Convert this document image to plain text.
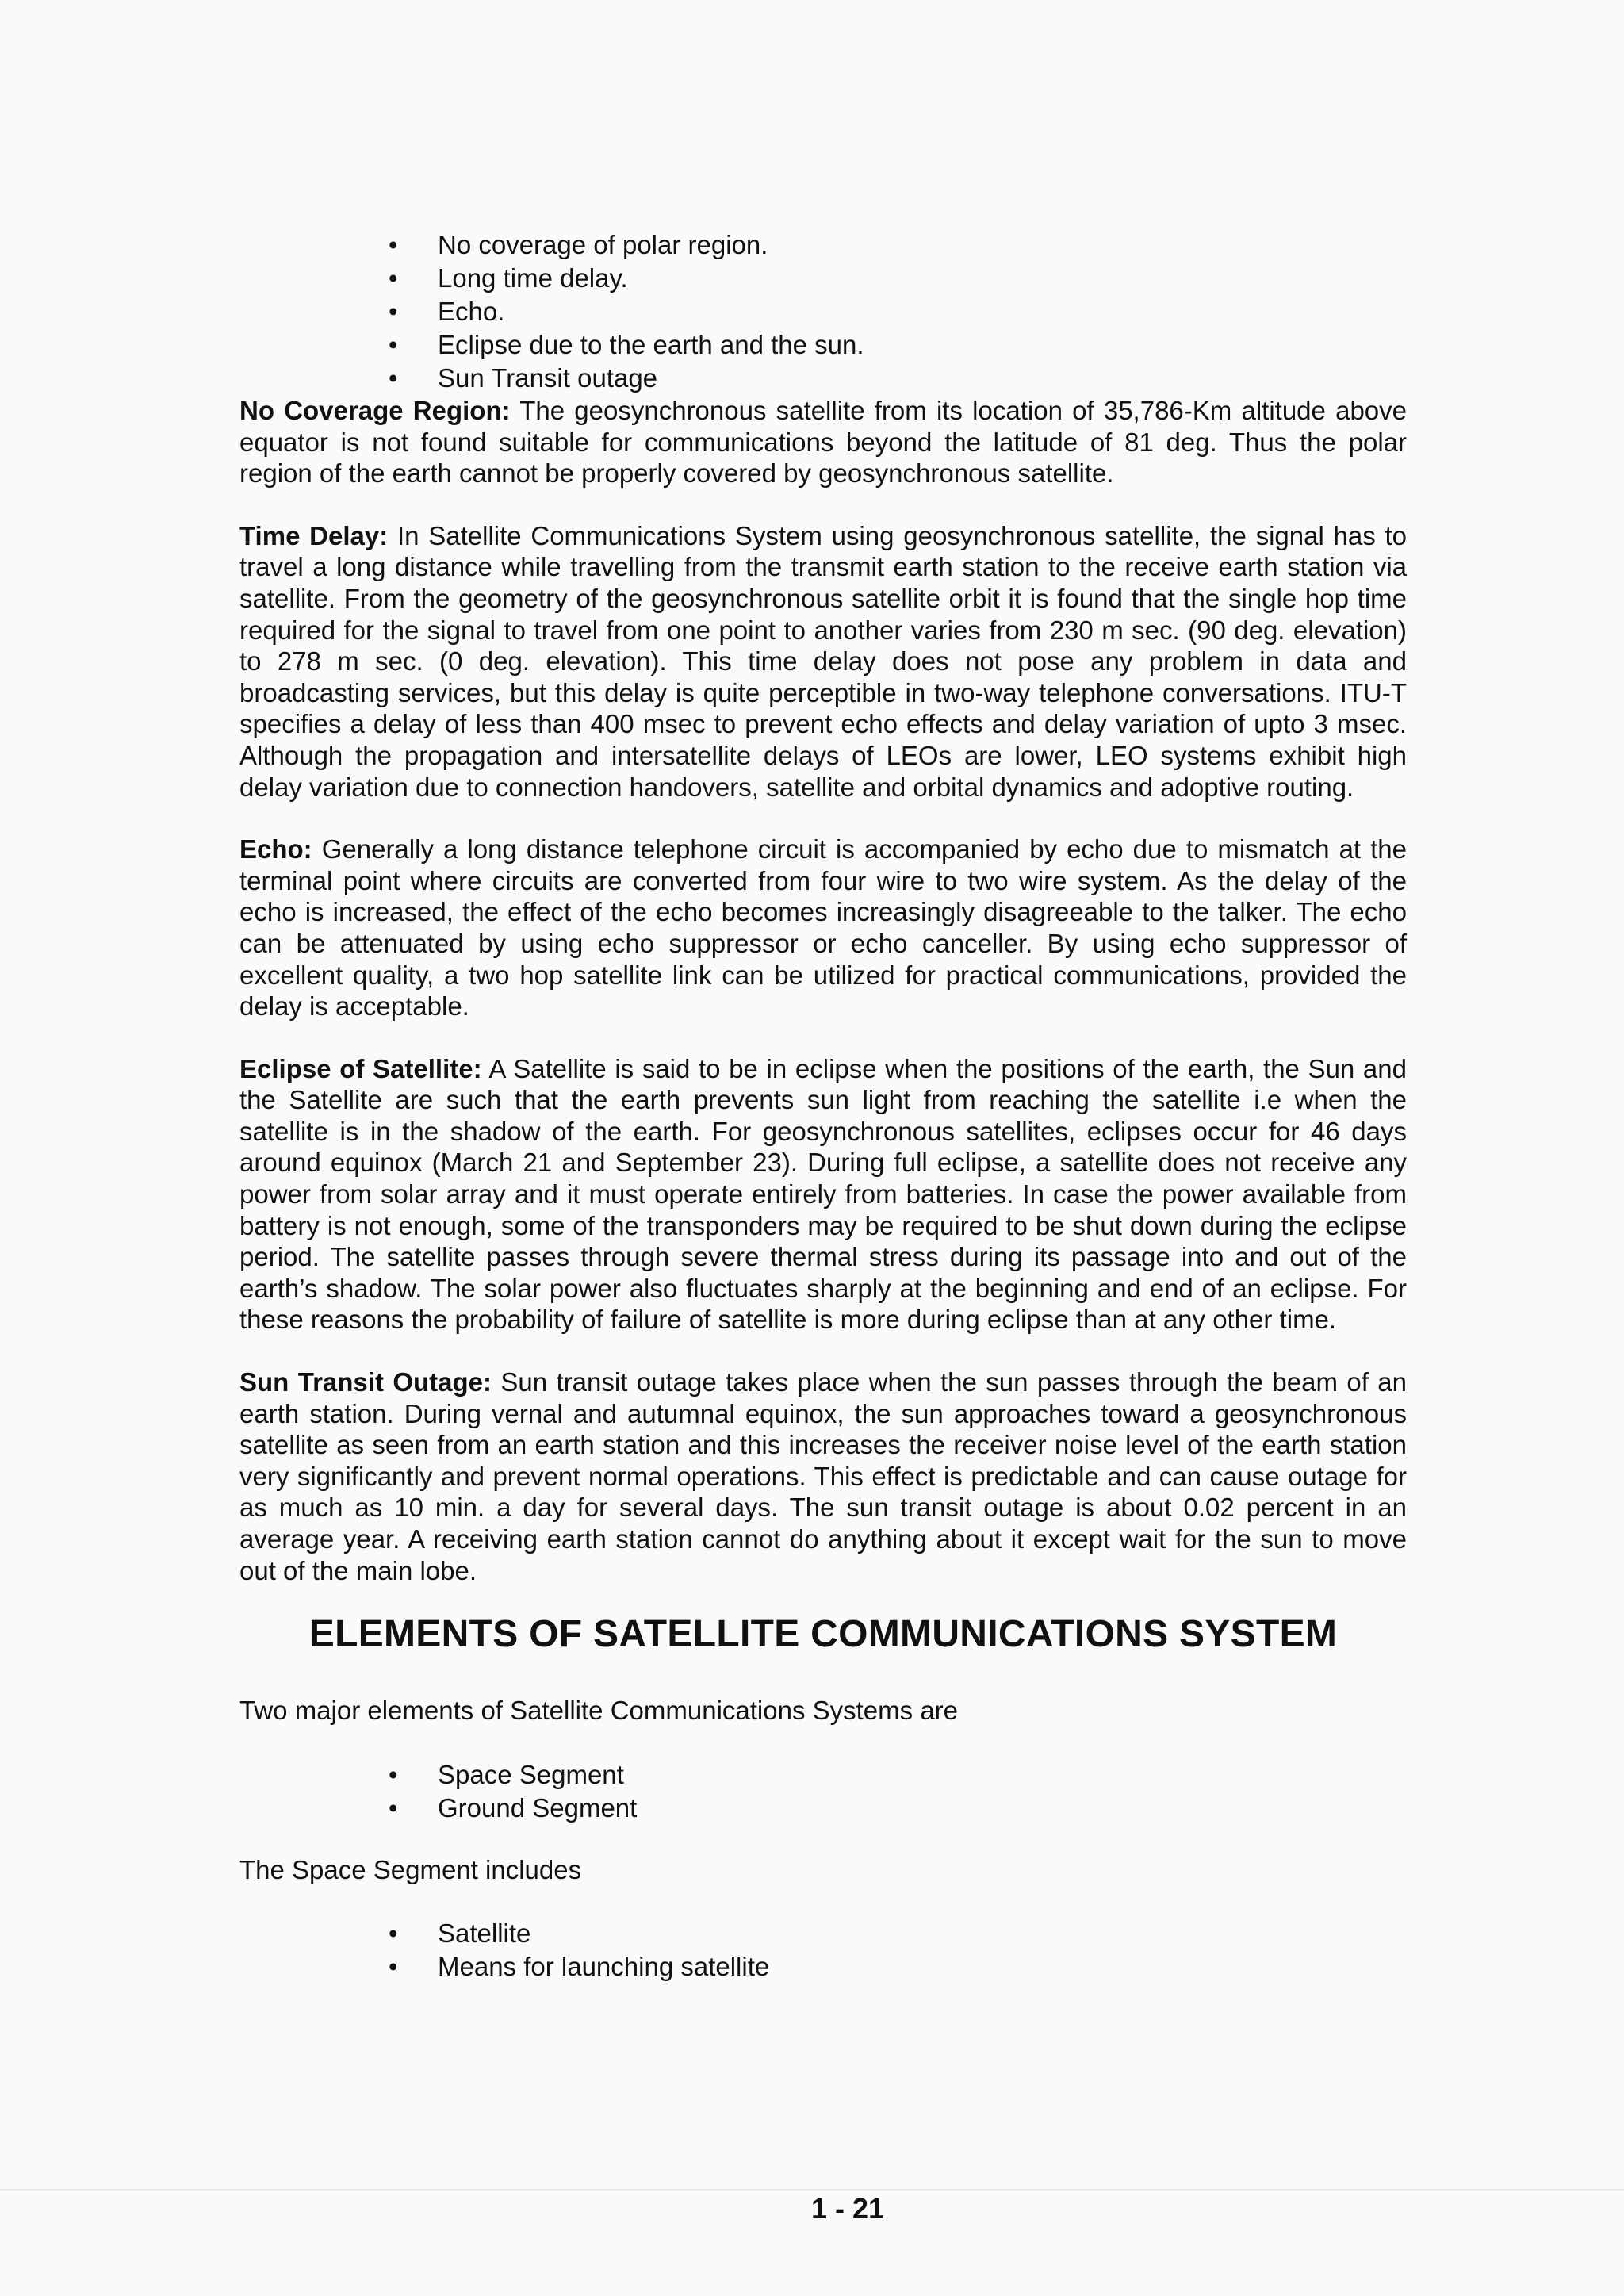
• No coverage of polar region.
• Long time delay.
• Echo.
• Eclipse due to the earth and the sun.
• Sun Transit outage

No Coverage Region: The geosynchronous satellite from its location of 35,786-Km altitude above equator is not found suitable for communications beyond the latitude of 81 deg. Thus the polar region of the earth cannot be properly covered by geosynchronous satellite.

Time Delay: In Satellite Communications System using geosynchronous satellite, the signal has to travel a long distance while travelling from the transmit earth station to the receive earth station via satellite. From the geometry of the geosynchronous satellite orbit it is found that the single hop time required for the signal to travel from one point to another varies from 230 m sec. (90 deg. elevation) to 278 m sec. (0 deg. elevation). This time delay does not pose any problem in data and broadcasting services, but this delay is quite perceptible in two-way telephone conversations. ITU-T specifies a delay of less than 400 msec to prevent echo effects and delay variation of upto 3 msec. Although the propagation and intersatellite delays of LEOs are lower, LEO systems exhibit high delay variation due to connection handovers, satellite and orbital dynamics and adoptive routing.

Echo: Generally a long distance telephone circuit is accompanied by echo due to mismatch at the terminal point where circuits are converted from four wire to two wire system. As the delay of the echo is increased, the effect of the echo becomes increasingly disagreeable to the talker. The echo can be attenuated by using echo suppressor or echo canceller. By using echo suppressor of excellent quality, a two hop satellite link can be utilized for practical communications, provided the delay is acceptable.

Eclipse of Satellite: A Satellite is said to be in eclipse when the positions of the earth, the Sun and the Satellite are such that the earth prevents sun light from reaching the satellite i.e when the satellite is in the shadow of the earth. For geosynchronous satellites, eclipses occur for 46 days around equinox (March 21 and September 23). During full eclipse, a satellite does not receive any power from solar array and it must operate entirely from batteries. In case the power available from battery is not enough, some of the transponders may be required to be shut down during the eclipse period. The satellite passes through severe thermal stress during its passage into and out of the earth’s shadow. The solar power also fluctuates sharply at the beginning and end of an eclipse. For these reasons the probability of failure of satellite is more during eclipse than at any other time.

Sun Transit Outage: Sun transit outage takes place when the sun passes through the beam of an earth station. During vernal and autumnal equinox, the sun approaches toward a geosynchronous satellite as seen from an earth station and this increases the receiver noise level of the earth station very significantly and prevent normal operations. This effect is predictable and can cause outage for as much as 10 min. a day for several days. The sun transit outage is about 0.02 percent in an average year. A receiving earth station cannot do anything about it except wait for the sun to move out of the main lobe.

ELEMENTS OF SATELLITE COMMUNICATIONS SYSTEM

Two major elements of Satellite Communications Systems are

• Space Segment
• Ground Segment

The Space Segment includes

• Satellite
• Means for launching satellite
1 - 21
